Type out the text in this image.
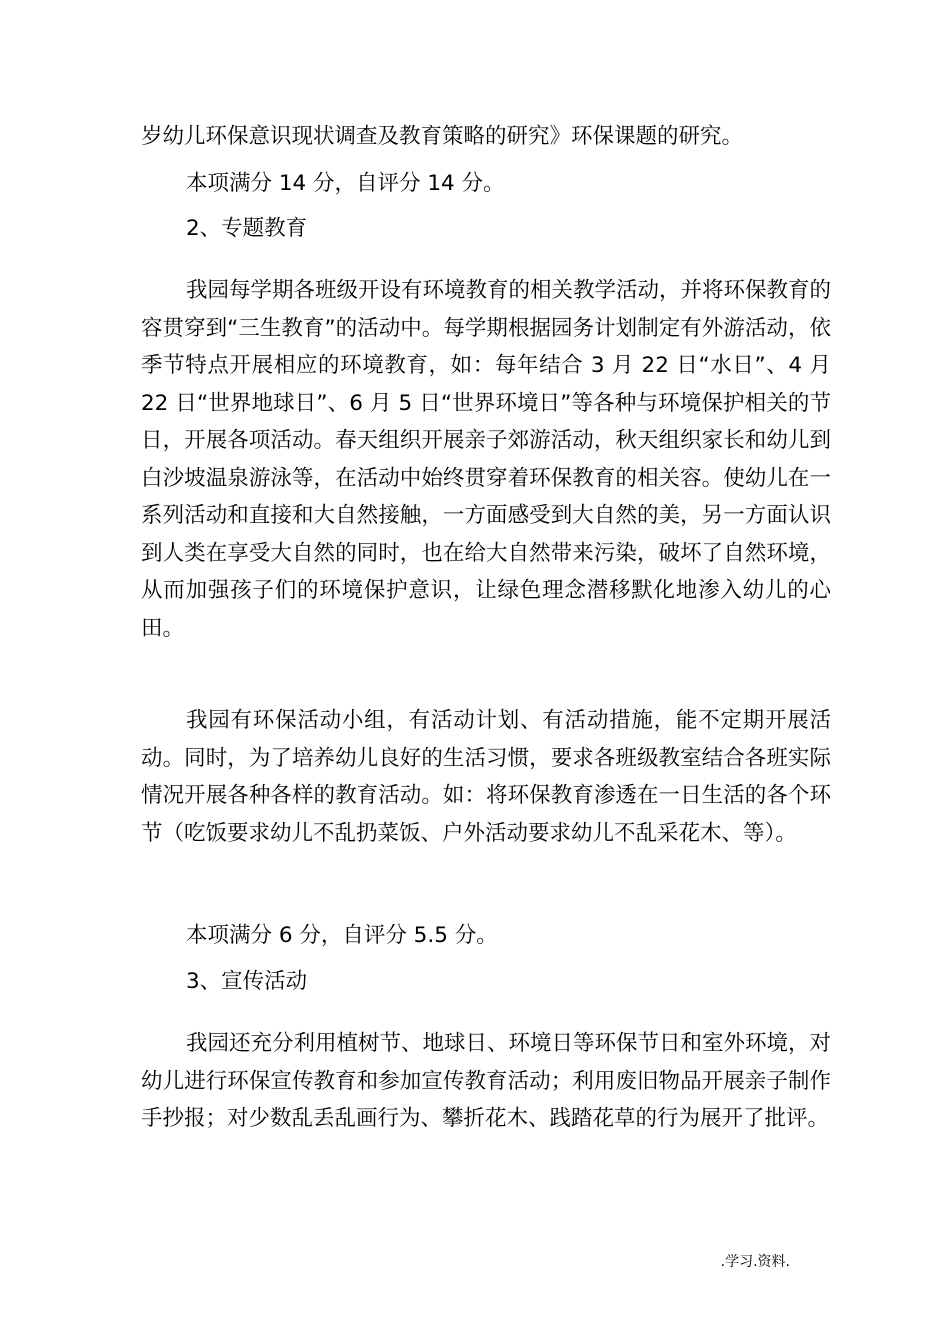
岁幼儿环保意识现状调查及教育策略的研究》环保课题的研究。

本项满分 14 分，自评分 14 分。

2、专题教育

我园每学期各班级开设有环境教育的相关教学活动，并将环保教育的容贯穿到“三生教育”的活动中。每学期根据园务计划制定有外游活动，依季节特点开展相应的环境教育，如：每年结合 3 月 22 日“水日”、4 月 22 日“世界地球日”、6 月 5 日“世界环境日”等各种与环境保护相关的节日，开展各项活动。春天组织开展亲子郊游活动，秋天组织家长和幼儿到白沙坡温泉游泳等，在活动中始终贯穿着环保教育的相关容。使幼儿在一系列活动和直接和大自然接触，一方面感受到大自然的美，另一方面认识到人类在享受大自然的同时，也在给大自然带来污染，破坏了自然环境，从而加强孩子们的环境保护意识，让绿色理念潜移默化地渗入幼儿的心田。

我园有环保活动小组，有活动计划、有活动措施，能不定期开展活动。同时，为了培养幼儿良好的生活习惯，要求各班级教室结合各班实际情况开展各种各样的教育活动。如：将环保教育渗透在一日生活的各个环节（吃饭要求幼儿不乱扔菜饭、户外活动要求幼儿不乱采花木、等）。

本项满分 6 分，自评分 5.5 分。

3、宣传活动

我园还充分利用植树节、地球日、环境日等环保节日和室外环境，对幼儿进行环保宣传教育和参加宣传教育活动；利用废旧物品开展亲子制作手抄报；对少数乱丢乱画行为、攀折花木、践踏花草的行为展开了批评。

.学习.资料.
